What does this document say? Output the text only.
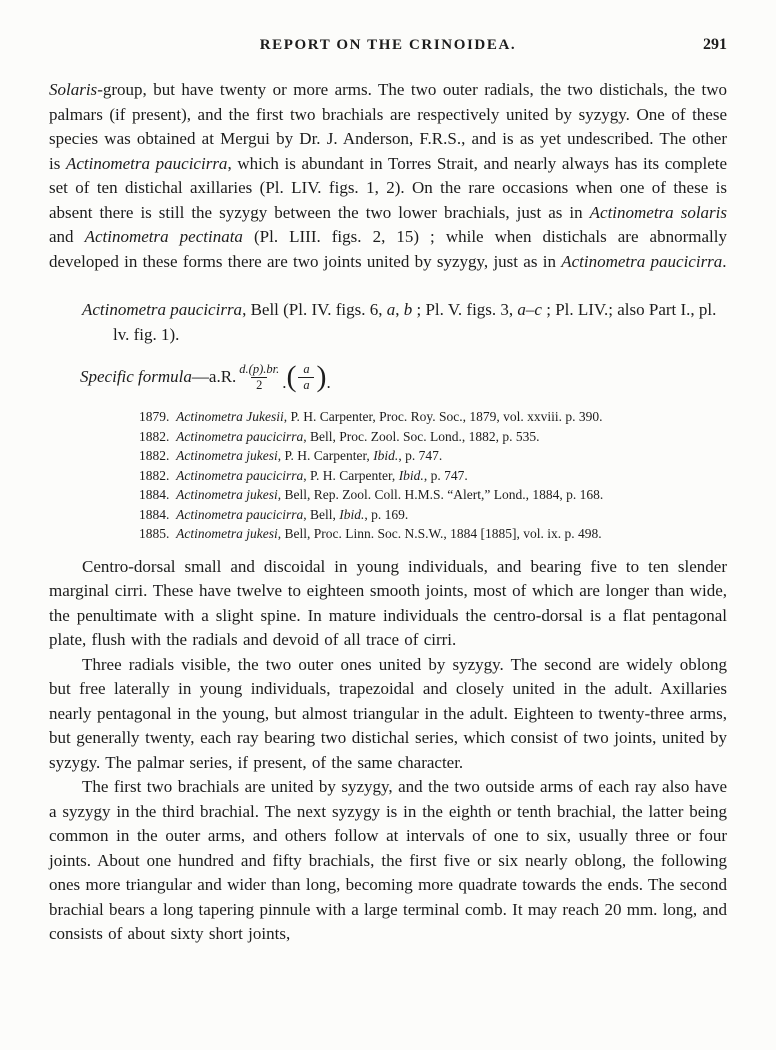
REPORT ON THE CRINOIDEA.	291

Solaris-group, but have twenty or more arms. The two outer radials, the two distichals, the two palmars (if present), and the first two brachials are respectively united by syzygy. One of these species was obtained at Mergui by Dr. J. Anderson, F.R.S., and is as yet undescribed. The other is Actinometra paucicirra, which is abundant in Torres Strait, and nearly always has its complete set of ten distichal axillaries (Pl. LIV. figs. 1, 2). On the rare occasions when one of these is absent there is still the syzygy between the two lower brachials, just as in Actinometra solaris and Actinometra pectinata (Pl. LIII. figs. 2, 15) ; while when distichals are abnormally developed in these forms there are two joints united by syzygy, just as in Actinometra paucicirra.

Actinometra paucicirra, Bell (Pl. IV. figs. 6, a, b ; Pl. V. figs. 3, a–c ; Pl. LIV.; also Part I., pl. lv. fig. 1).

Specific formula — a.R. $\frac{d.(p).br.}{2}$ . ( $\frac{a}{a}$ ) .
1879. Actinometra Jukesii, P. H. Carpenter, Proc. Roy. Soc., 1879, vol. xxviii. p. 390.
1882. Actinometra paucicirra, Bell, Proc. Zool. Soc. Lond., 1882, p. 535.
1882. Actinometra jukesi, P. H. Carpenter, Ibid., p. 747.
1882. Actinometra paucicirra, P. H. Carpenter, Ibid., p. 747.
1884. Actinometra jukesi, Bell, Rep. Zool. Coll. H.M.S. “Alert,” Lond., 1884, p. 168.
1884. Actinometra paucicirra, Bell, Ibid., p. 169.
1885. Actinometra jukesi, Bell, Proc. Linn. Soc. N.S.W., 1884 [1885], vol. ix. p. 498.

Centro-dorsal small and discoidal in young individuals, and bearing five to ten slender marginal cirri. These have twelve to eighteen smooth joints, most of which are longer than wide, the penultimate with a slight spine. In mature individuals the centro-dorsal is a flat pentagonal plate, flush with the radials and devoid of all trace of cirri.

Three radials visible, the two outer ones united by syzygy. The second are widely oblong but free laterally in young individuals, trapezoidal and closely united in the adult. Axillaries nearly pentagonal in the young, but almost triangular in the adult. Eighteen to twenty-three arms, but generally twenty, each ray bearing two distichal series, which consist of two joints, united by syzygy. The palmar series, if present, of the same character.

The first two brachials are united by syzygy, and the two outside arms of each ray also have a syzygy in the third brachial. The next syzygy is in the eighth or tenth brachial, the latter being common in the outer arms, and others follow at intervals of one to six, usually three or four joints. About one hundred and fifty brachials, the first five or six nearly oblong, the following ones more triangular and wider than long, becoming more quadrate towards the ends. The second brachial bears a long tapering pinnule with a large terminal comb. It may reach 20 mm. long, and consists of about sixty short joints,
